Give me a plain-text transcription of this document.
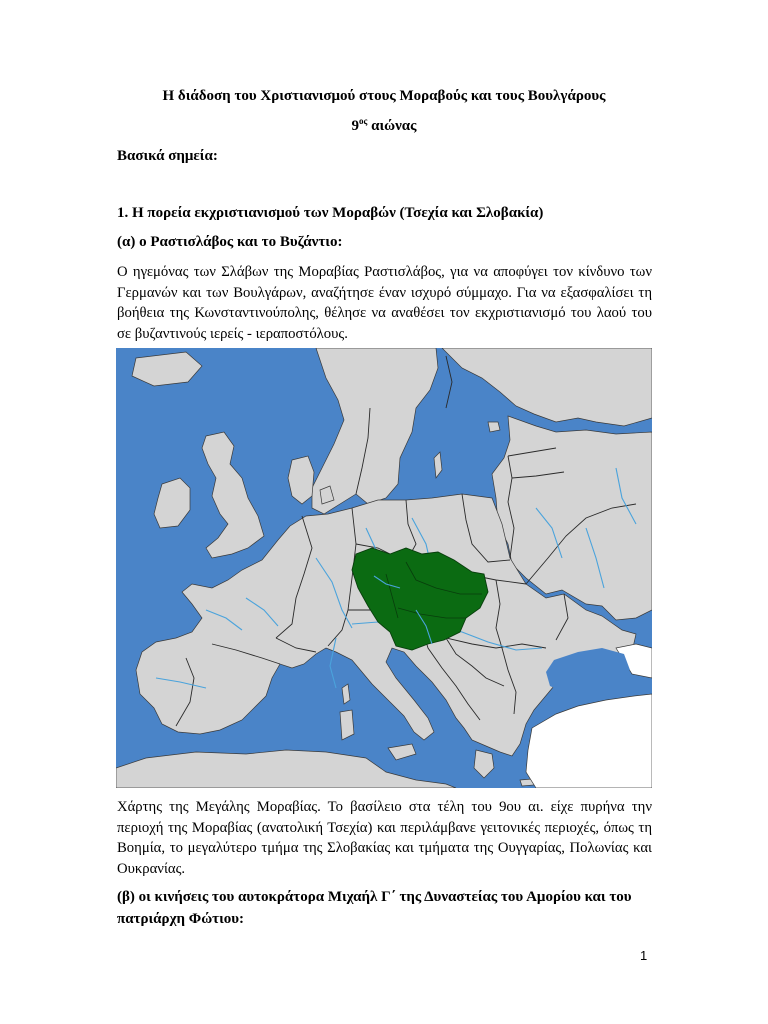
Η διάδοση του Χριστιανισμού στους Μοραβούς και τους Βουλγάρους
$9^{o\varsigma}$ αιώνας
Βασικά σημεία:
1. Η πορεία εκχριστιανισμού των Μοραβών (Τσεχία και Σλοβακία)
(α) ο Ραστισλάβος και το Βυζάντιο:
Ο ηγεμόνας των Σλάβων της Μοραβίας Ραστισλάβος, για να αποφύγει τον κίνδυνο των Γερμανών και των Βουλγάρων, αναζήτησε έναν ισχυρό σύμμαχο. Για να εξασφαλίσει τη βοήθεια της Κωνσταντινούπολης, θέλησε να αναθέσει τον εκχριστιανισμό του λαού του σε βυζαντινούς ιερείς - ιεραποστόλους.
Χάρτης της Μεγάλης Μοραβίας. Το βασίλειο στα τέλη του 9ου αι. είχε πυρήνα την περιοχή της Μοραβίας (ανατολική Τσεχία) και περιλάμβανε γειτονικές περιοχές, όπως τη Βοημία, το μεγαλύτερο τμήμα της Σλοβακίας και τμήματα της Ουγγαρίας, Πολωνίας και Ουκρανίας.
(β) οι κινήσεις του αυτοκράτορα Μιχαήλ Γ΄ της Δυναστείας του Αμορίου και του πατριάρχη Φώτιου:
1
